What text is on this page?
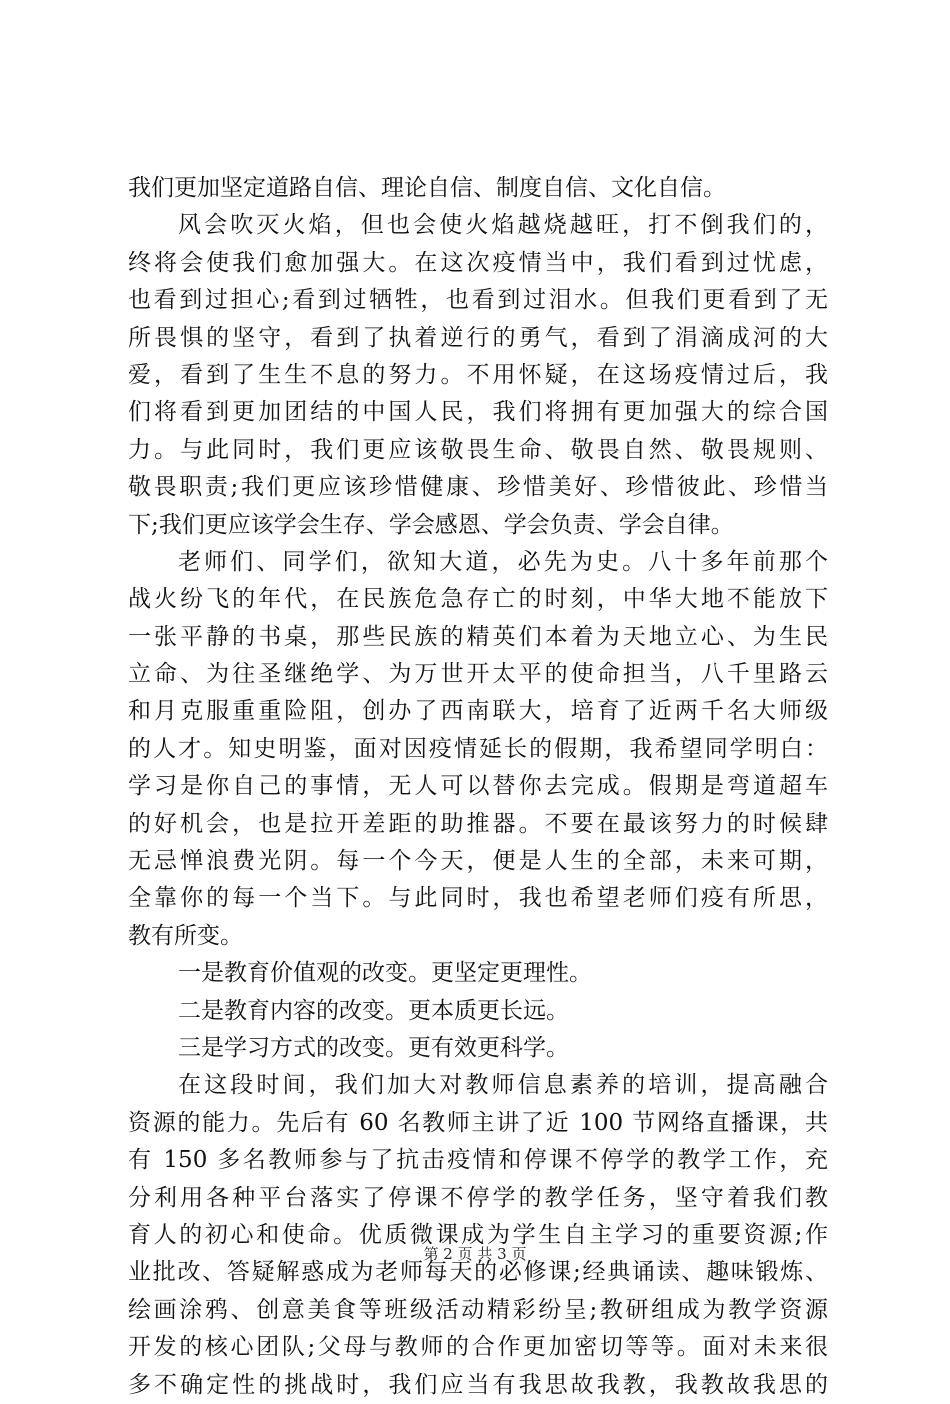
我们更加坚定道路自信、理论自信、制度自信、文化自信。
风会吹灭火焰，但也会使火焰越烧越旺，打不倒我们的，
终将会使我们愈加强大。在这次疫情当中，我们看到过忧虑，
也看到过担心;看到过牺牲，也看到过泪水。但我们更看到了无
所畏惧的坚守，看到了执着逆行的勇气，看到了涓滴成河的大
爱，看到了生生不息的努力。不用怀疑，在这场疫情过后，我
们将看到更加团结的中国人民，我们将拥有更加强大的综合国
力。与此同时，我们更应该敬畏生命、敬畏自然、敬畏规则、
敬畏职责;我们更应该珍惜健康、珍惜美好、珍惜彼此、珍惜当
下;我们更应该学会生存、学会感恩、学会负责、学会自律。
老师们、同学们，欲知大道，必先为史。八十多年前那个
战火纷飞的年代，在民族危急存亡的时刻，中华大地不能放下
一张平静的书桌，那些民族的精英们本着为天地立心、为生民
立命、为往圣继绝学、为万世开太平的使命担当，八千里路云
和月克服重重险阻，创办了西南联大，培育了近两千名大师级
的人才。知史明鉴，面对因疫情延长的假期，我希望同学明白：
学习是你自己的事情，无人可以替你去完成。假期是弯道超车
的好机会，也是拉开差距的助推器。不要在最该努力的时候肆
无忌惮浪费光阴。每一个今天，便是人生的全部，未来可期，
全靠你的每一个当下。与此同时，我也希望老师们疫有所思，
教有所变。
一是教育价值观的改变。更坚定更理性。
二是教育内容的改变。更本质更长远。
三是学习方式的改变。更有效更科学。
在这段时间，我们加大对教师信息素养的培训，提高融合
资源的能力。先后有 60 名教师主讲了近 100 节网络直播课，共
有 150 多名教师参与了抗击疫情和停课不停学的教学工作，充
分利用各种平台落实了停课不停学的教学任务，坚守着我们教
育人的初心和使命。优质微课成为学生自主学习的重要资源;作
业批改、答疑解惑成为老师每天的必修课;经典诵读、趣味锻炼、
绘画涂鸦、创意美食等班级活动精彩纷呈;教研组成为教学资源
开发的核心团队;父母与教师的合作更加密切等等。面对未来很
多不确定性的挑战时，我们应当有我思故我教，我教故我思的
第 2 页 共 3 页
